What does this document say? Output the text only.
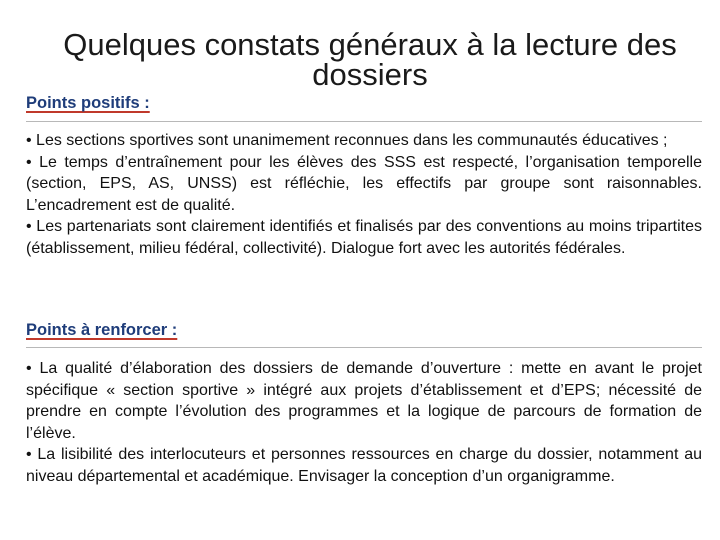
Quelques constats généraux à la lecture des dossiers
Points positifs :

• Les sections sportives sont unanimement reconnues dans les communautés éducatives ;

• Le temps d’entraînement pour les élèves des SSS est respecté, l’organisation temporelle (section, EPS, AS, UNSS) est réfléchie, les effectifs par groupe sont raisonnables. L’encadrement est de qualité.

• Les partenariats sont clairement identifiés et finalisés par des conventions au moins tripartites (établissement, milieu fédéral, collectivité). Dialogue fort avec les autorités fédérales.

Points à renforcer :

• La qualité d’élaboration des dossiers de demande d’ouverture : mette en avant le projet spécifique « section sportive » intégré aux projets d’établissement et d’EPS; nécessité de prendre en compte l’évolution des programmes et la logique de parcours de formation de l’élève.

• La lisibilité des interlocuteurs et personnes ressources en charge du dossier, notamment au niveau départemental et académique. Envisager la conception d’un organigramme.
